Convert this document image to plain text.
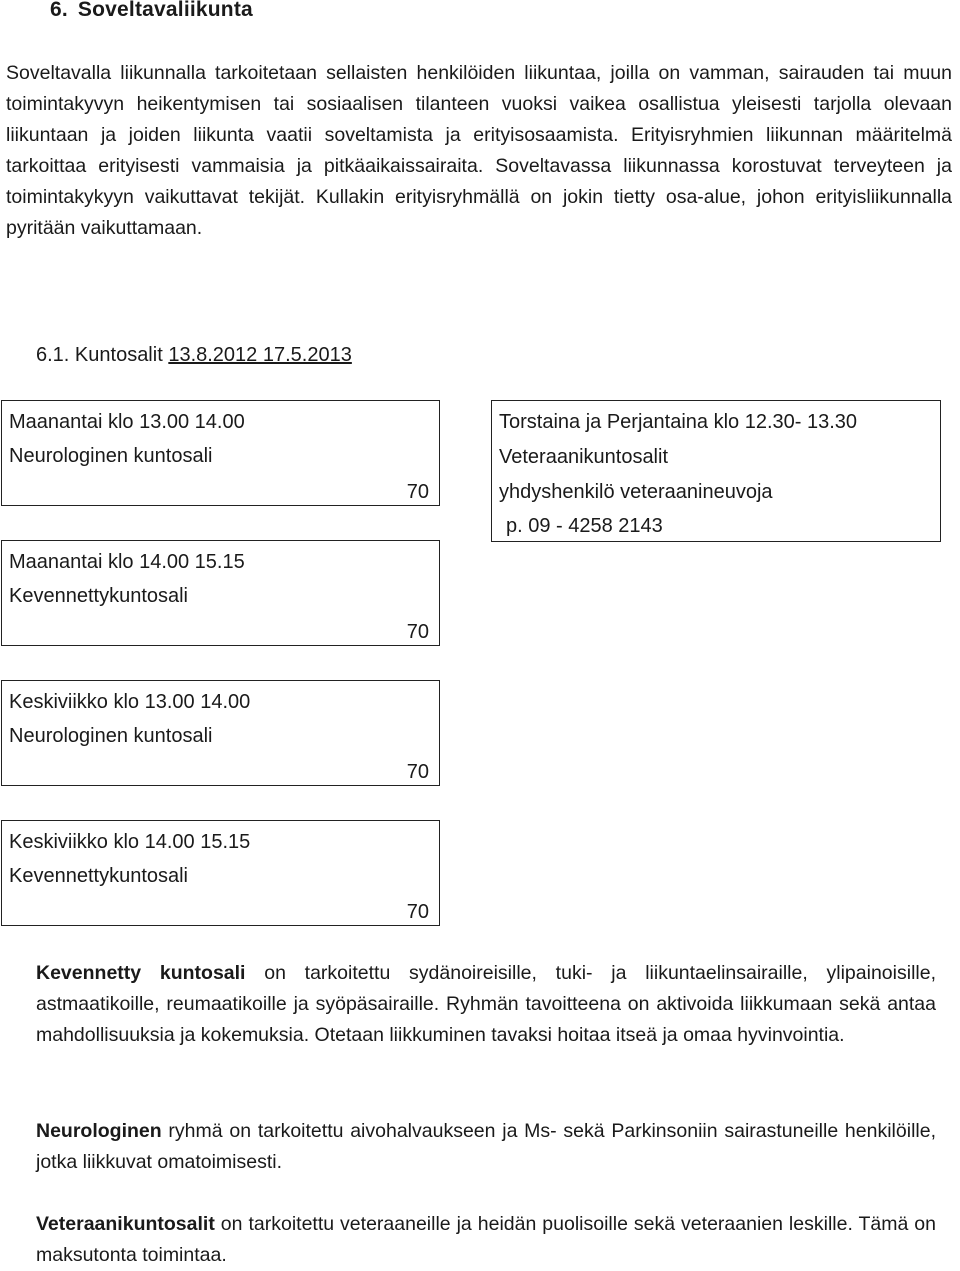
6. Soveltavaliikunta

Soveltavalla liikunnalla tarkoitetaan sellaisten henkilöiden liikuntaa, joilla on vamman, sairauden tai muun toimintakyvyn heikentymisen tai sosiaalisen tilanteen vuoksi vaikea osallistua yleisesti tarjolla olevaan liikuntaan ja joiden liikunta vaatii soveltamista ja erityisosaamista. Erityisryhmien liikunnan määritelmä tarkoittaa erityisesti vammaisia ja pitkäaikaissairaita. Soveltavassa liikunnassa korostuvat terveyteen ja toimintakykyyn vaikuttavat tekijät. Kullakin erityisryhmällä on jokin tietty osa-alue, johon erityisliikunnalla pyritään vaikuttamaan.

6.1. Kuntosalit 13.8.2012 17.5.2013
Maanantai klo 13.00 14.00
Neurologinen kuntosali
70
Maanantai klo 14.00 15.15
Kevennettykuntosali
70
Keskiviikko klo 13.00 14.00
Neurologinen kuntosali
70
Keskiviikko klo 14.00 15.15
Kevennettykuntosali
70
Torstaina ja Perjantaina klo 12.30- 13.30
Veteraanikuntosalit
yhdyshenkilö veteraanineuvoja
p. 09 - 4258 2143

Kevennetty kuntosali on tarkoitettu sydänoireisille, tuki- ja liikuntaelinsairaille, ylipainoisille, astmaatikoille, reumaatikoille ja syöpäsairaille. Ryhmän tavoitteena on aktivoida liikkumaan sekä antaa mahdollisuuksia ja kokemuksia. Otetaan liikkuminen tavaksi hoitaa itseä ja omaa hyvinvointia.

Neurologinen ryhmä on tarkoitettu aivohalvaukseen ja Ms- sekä Parkinsoniin sairastuneille henkilöille, jotka liikkuvat omatoimisesti.

Veteraanikuntosalit on tarkoitettu veteraaneille ja heidän puolisoille sekä veteraanien leskille. Tämä on maksutonta toimintaa.
